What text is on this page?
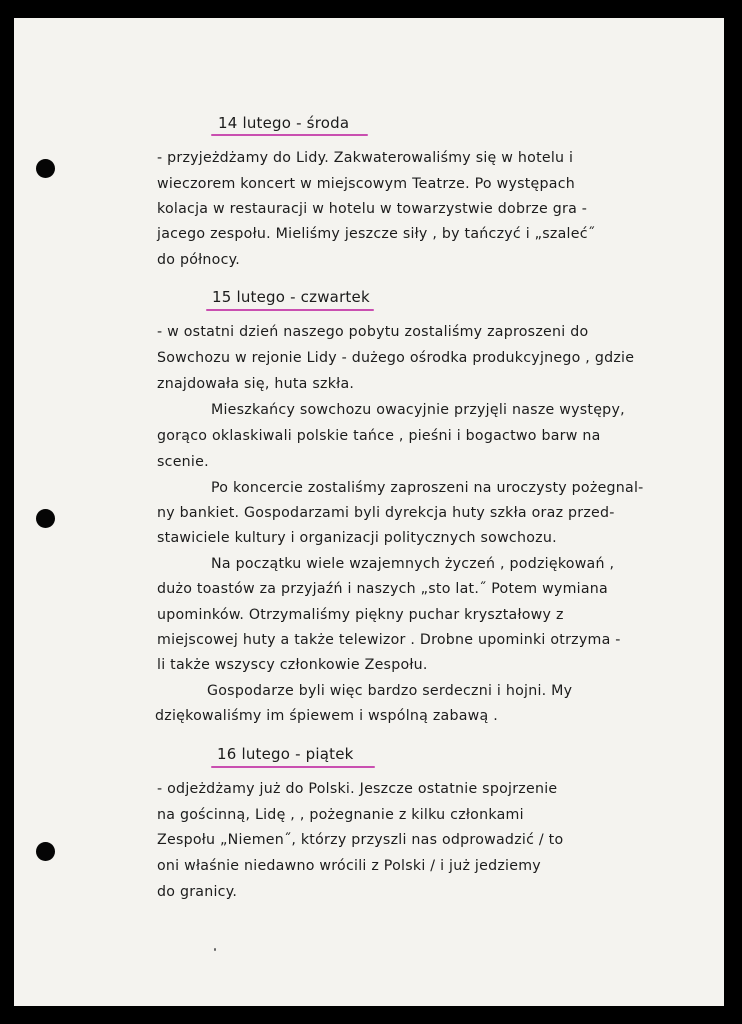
14 lutego - środa
- przyjeżdżamy do Lidy. Zakwaterowaliśmy się w hotelu i
wieczorem koncert w miejscowym Teatrze. Po występach
kolacja w restauracji w hotelu w towarzystwie dobrze gra -
jacego zespołu. Mieliśmy jeszcze siły , by tańczyć i „szaleć˝
do północy.
15 lutego - czwartek
- w ostatni dzień naszego pobytu zostaliśmy zaproszeni do
Sowchozu w rejonie Lidy - dużego ośrodka produkcyjnego , gdzie
znajdowała się, huta szkła.
Mieszkańcy sowchozu owacyjnie przyjęli nasze występy,
gorąco oklaskiwali polskie tańce , pieśni i bogactwo barw na
scenie.
Po koncercie zostaliśmy zaproszeni na uroczysty pożegnal-
ny bankiet. Gospodarzami byli dyrekcja huty szkła oraz przed-
stawiciele kultury i organizacji politycznych sowchozu.
Na początku wiele wzajemnych życzeń , podziękowań ,
dużo toastów za przyjaźń i naszych „sto lat.˝ Potem wymiana
upominków. Otrzymaliśmy piękny puchar kryształowy z
miejscowej huty a także telewizor . Drobne upominki otrzyma -
li także wszyscy członkowie Zespołu.
Gospodarze byli więc bardzo serdeczni i hojni. My
dziękowaliśmy im śpiewem i wspólną zabawą .
16 lutego - piątek
- odjeżdżamy już do Polski. Jeszcze ostatnie spojrzenie
na gościnną, Lidę , , pożegnanie z kilku członkami
Zespołu „Niemen˝, którzy przyszli nas odprowadzić / to
oni właśnie niedawno wrócili z Polski / i już jedziemy
do granicy.
